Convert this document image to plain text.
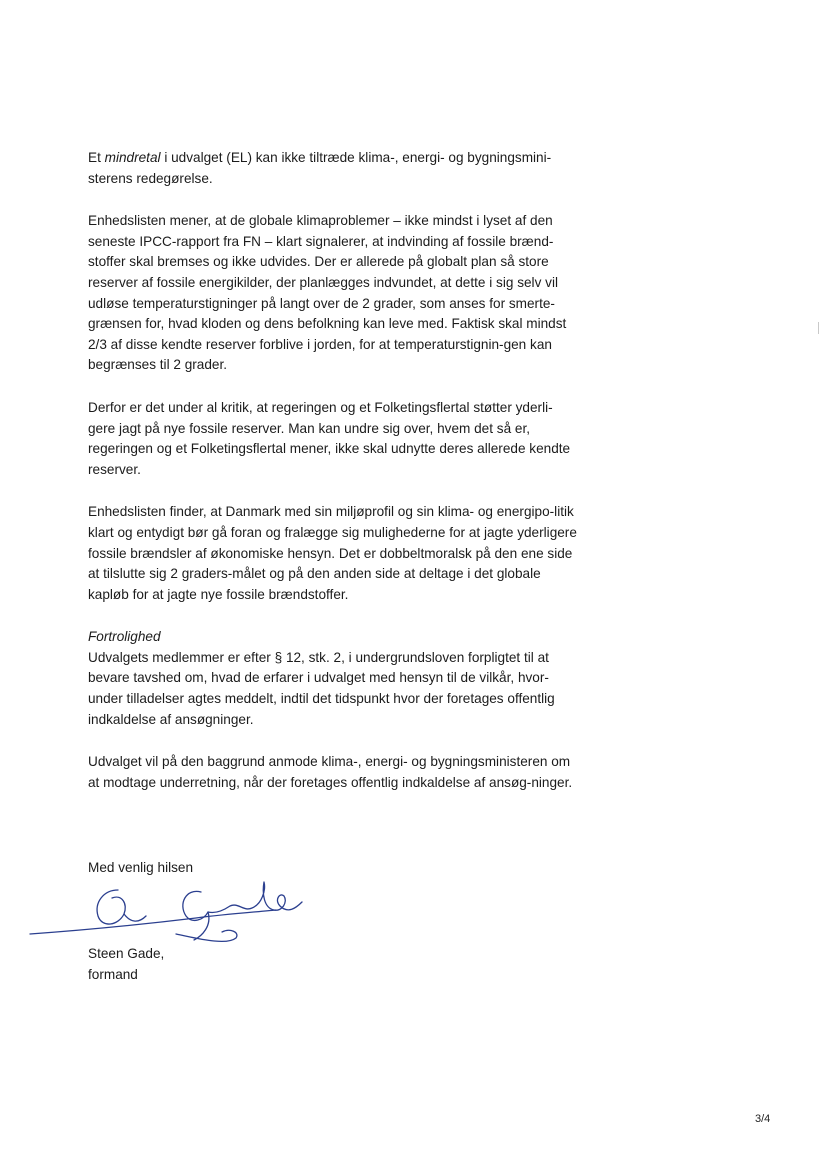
Et mindretal i udvalget (EL) kan ikke tiltræde klima-, energi- og bygningsmini-sterens redegørelse.

Enhedslisten mener, at de globale klimaproblemer – ikke mindst i lyset af den seneste IPCC-rapport fra FN – klart signalerer, at indvinding af fossile brænd-stoffer skal bremses og ikke udvides. Der er allerede på globalt plan så store reserver af fossile energikilder, der planlægges indvundet, at dette i sig selv vil udløse temperaturstigninger på langt over de 2 grader, som anses for smerte-grænsen for, hvad kloden og dens befolkning kan leve med. Faktisk skal mindst 2/3 af disse kendte reserver forblive i jorden, for at temperaturstignin-gen kan begrænses til 2 grader.

Derfor er det under al kritik, at regeringen og et Folketingsflertal støtter yderli-gere jagt på nye fossile reserver. Man kan undre sig over, hvem det så er, regeringen og et Folketingsflertal mener, ikke skal udnytte deres allerede kendte reserver.

Enhedslisten finder, at Danmark med sin miljøprofil og sin klima- og energipo-litik klart og entydigt bør gå foran og fralægge sig mulighederne for at jagte yderligere fossile brændsler af økonomiske hensyn. Det er dobbeltmoralsk på den ene side at tilslutte sig 2 graders-målet og på den anden side at deltage i det globale kapløb for at jagte nye fossile brændstoffer.

Fortrolighed

Udvalgets medlemmer er efter § 12, stk. 2, i undergrundsloven forpligtet til at bevare tavshed om, hvad de erfarer i udvalget med hensyn til de vilkår, hvor-under tilladelser agtes meddelt, indtil det tidspunkt hvor der foretages offentlig indkaldelse af ansøgninger.

Udvalget vil på den baggrund anmode klima-, energi- og bygningsministeren om at modtage underretning, når der foretages offentlig indkaldelse af ansøg-ninger.

Med venlig hilsen
Steen Gade,
formand
3/4
